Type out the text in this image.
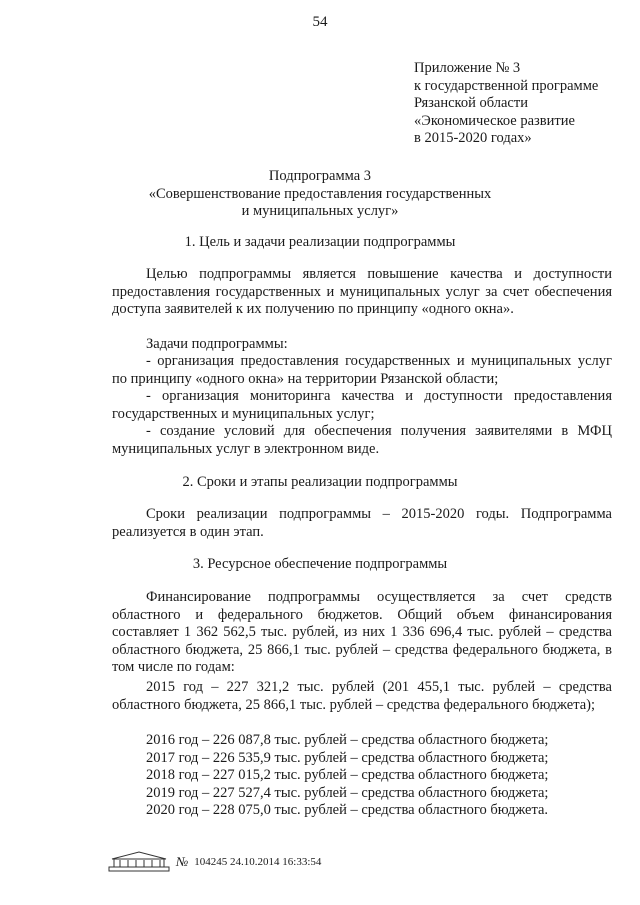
54
Приложение № 3
к государственной программе
Рязанской области
«Экономическое развитие
в 2015-2020 годах»
Подпрограмма 3
«Совершенствование предоставления государственных
и муниципальных услуг»
1. Цель и задачи реализации подпрограммы

Целью подпрограммы является повышение качества и доступности предоставления государственных и муниципальных услуг за счет обеспечения доступа заявителей к их получению по принципу «одного окна».

Задачи подпрограммы:

- организация предоставления государственных и муниципальных услуг по принципу «одного окна» на территории Рязанской области;

- организация мониторинга качества и доступности предоставления государственных и муниципальных услуг;

- создание условий для обеспечения получения заявителями в МФЦ муниципальных услуг в электронном виде.

2. Сроки и этапы реализации подпрограммы

Сроки реализации подпрограммы – 2015-2020 годы. Подпрограмма реализуется в один этап.

3. Ресурсное обеспечение подпрограммы

Финансирование подпрограммы осуществляется за счет средств областного и федерального бюджетов. Общий объем финансирования составляет 1 362 562,5 тыс. рублей, из них 1 336 696,4 тыс. рублей – средства областного бюджета, 25 866,1 тыс. рублей – средства федерального бюджета, в том числе по годам:

2015 год – 227 321,2 тыс. рублей (201 455,1 тыс. рублей – средства областного бюджета, 25 866,1 тыс. рублей – средства федерального бюджета);

2016 год – 226 087,8 тыс. рублей – средства областного бюджета;

2017 год – 226 535,9 тыс. рублей – средства областного бюджета;

2018 год – 227 015,2 тыс. рублей – средства областного бюджета;

2019 год – 227 527,4 тыс. рублей – средства областного бюджета;

2020 год – 228 075,0 тыс. рублей – средства областного бюджета.

№ 104245 24.10.2014 16:33:54
